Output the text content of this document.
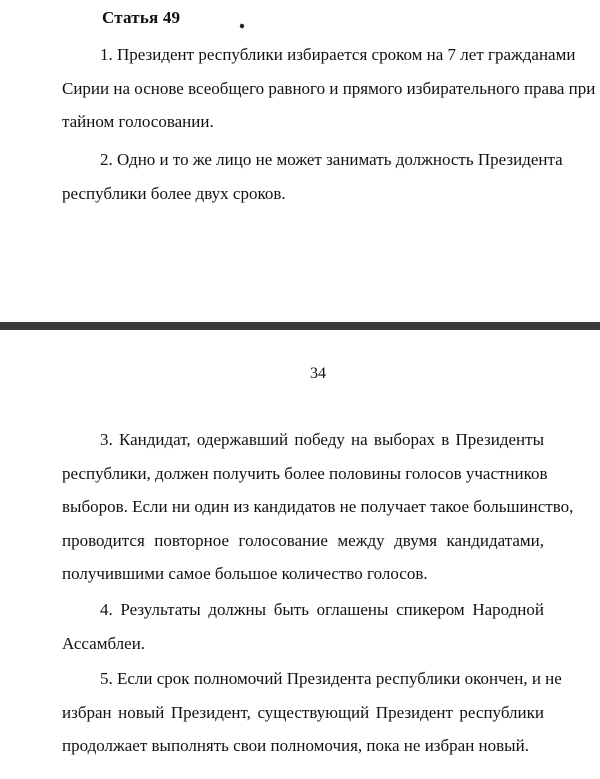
Статья 49

1. Президент республики избирается сроком на 7 лет гражданами
Сирии на основе всеобщего равного и прямого избирательного права при
тайном голосовании.

2. Одно и то же лицо не может занимать должность Президента
республики более двух сроков.

34

3. Кандидат, одержавший победу на выборах в Президенты
республики, должен получить более половины голосов участников
выборов. Если ни один из кандидатов не получает такое большинство,
проводится повторное голосование между двумя кандидатами,
получившими самое большое количество голосов.

4. Результаты должны быть оглашены спикером Народной
Ассамблеи.

5. Если срок полномочий Президента республики окончен, и не
избран новый Президент, существующий Президент республики
продолжает выполнять свои полномочия, пока не избран новый.
